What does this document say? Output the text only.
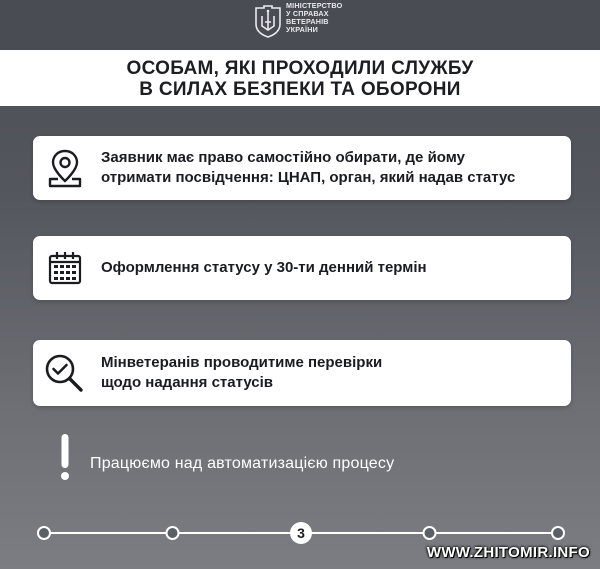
МІНІСТЕРСТВО
У СПРАВАХ
ВЕТЕРАНІВ
УКРАЇНИ
ОСОБАМ, ЯКІ ПРОХОДИЛИ СЛУЖБУ
В СИЛАХ БЕЗПЕКИ ТА ОБОРОНИ
Заявник має право самостійно обирати, де йому
отримати посвідчення: ЦНАП, орган, який надав статус
Оформлення статусу у 30-ти денний термін
Мінветеранів проводитиме перевірки
щодо надання статусів
Працюємо над автоматизацією процесу
3
WWW.ZHITOMIR.INFO
